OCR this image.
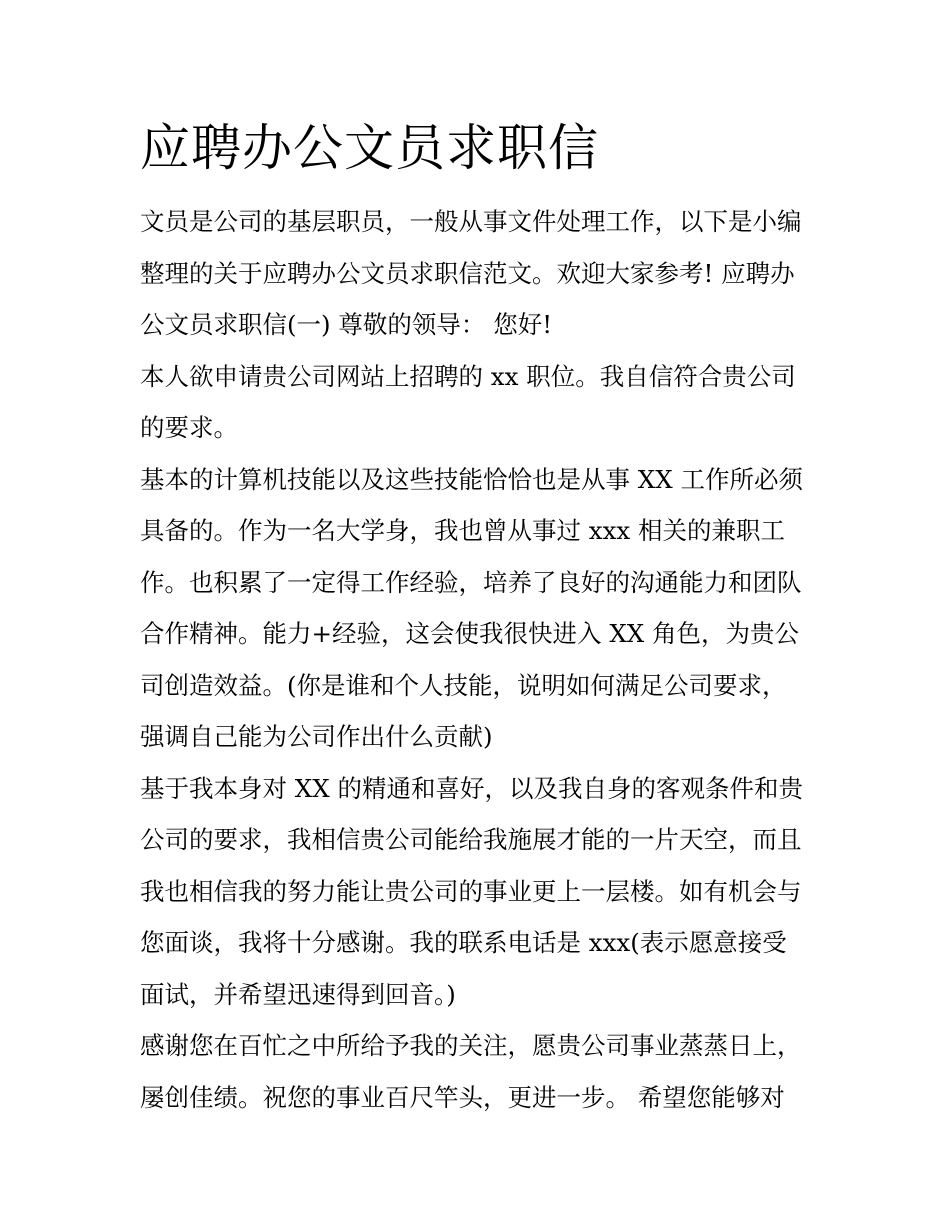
应聘办公文员求职信
文员是公司的基层职员，一般从事文件处理工作，以下是小编
整理的关于应聘办公文员求职信范文。欢迎大家参考! 应聘办
公文员求职信(一) 尊敬的领导： 您好!
本人欲申请贵公司网站上招聘的 xx 职位。我自信符合贵公司
的要求。
基本的计算机技能以及这些技能恰恰也是从事 XX 工作所必须
具备的。作为一名大学身，我也曾从事过 xxx 相关的兼职工
作。也积累了一定得工作经验，培养了良好的沟通能力和团队
合作精神。能力+经验，这会使我很快进入 XX 角色，为贵公
司创造效益。(你是谁和个人技能，说明如何满足公司要求，
强调自己能为公司作出什么贡献)
基于我本身对 XX 的精通和喜好，以及我自身的客观条件和贵
公司的要求，我相信贵公司能给我施展才能的一片天空，而且
我也相信我的努力能让贵公司的事业更上一层楼。如有机会与
您面谈，我将十分感谢。我的联系电话是 xxx(表示愿意接受
面试，并希望迅速得到回音。)
感谢您在百忙之中所给予我的关注，愿贵公司事业蒸蒸日上，
屡创佳绩。祝您的事业百尺竿头，更进一步。 希望您能够对
